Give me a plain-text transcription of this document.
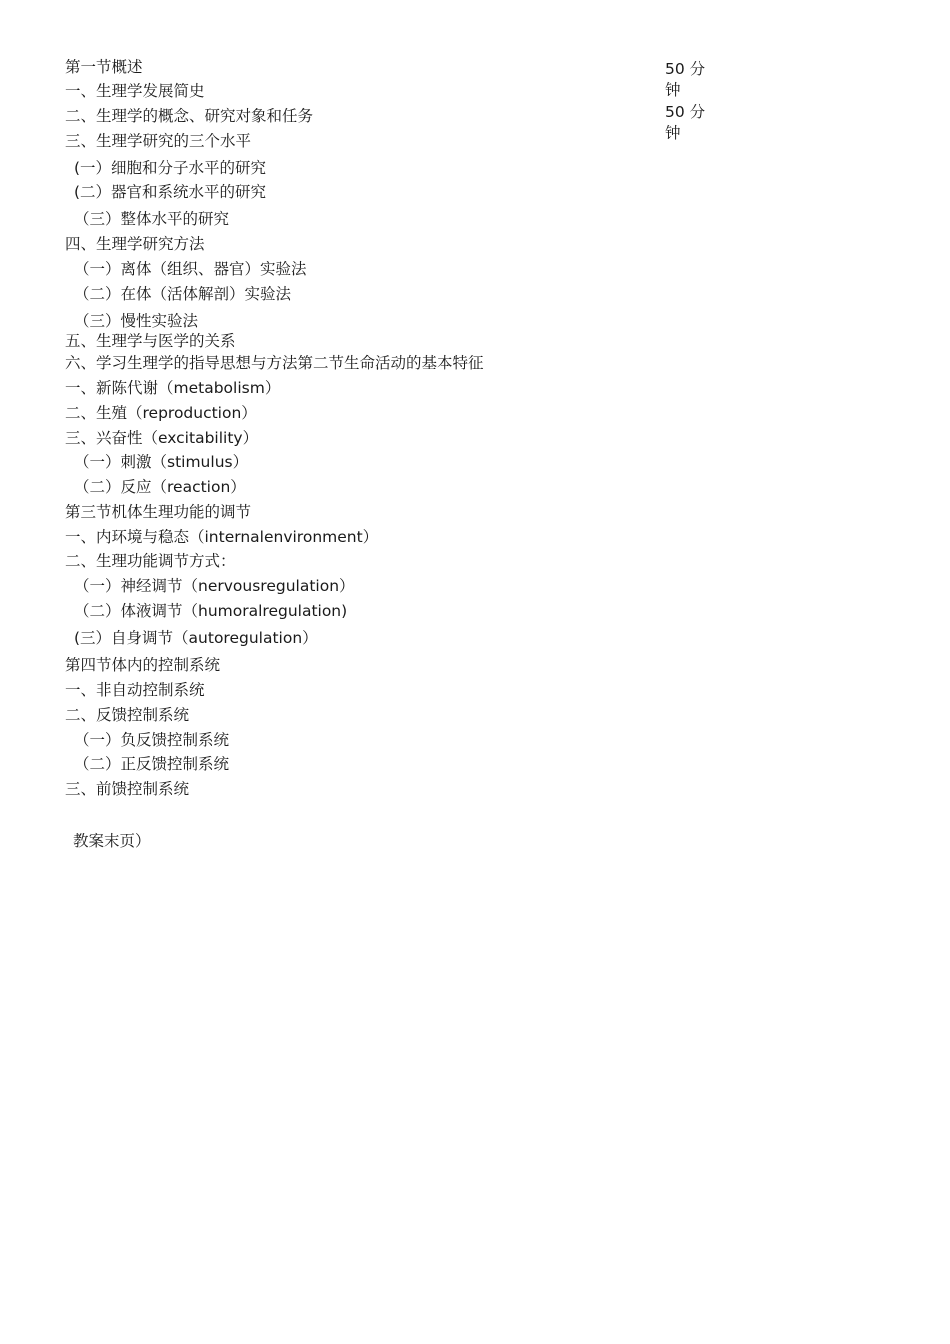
第一节概述
一、生理学发展简史
二、生理学的概念、研究对象和任务
三、生理学研究的三个水平
(一）细胞和分子水平的研究
(二）器官和系统水平的研究
（三）整体水平的研究
四、生理学研究方法
（一）离体（组织、器官）实验法
（二）在体（活体解剖）实验法
（三）慢性实验法
五、生理学与医学的关系
六、学习生理学的指导思想与方法第二节生命活动的基本特征
一、新陈代谢（metabolism）
二、生殖（reproduction）
三、兴奋性（excitability）
（一）刺激（stimulus）
（二）反应（reaction）
第三节机体生理功能的调节
一、内环境与稳态（internalenvironment）
二、生理功能调节方式：
（一）神经调节（nervousregulation）
（二）体液调节（humoralregulation)
(三）自身调节（autoregulation）
第四节体内的控制系统
一、非自动控制系统
二、反馈控制系统
（一）负反馈控制系统
（二）正反馈控制系统
三、前馈控制系统
教案末页）
50 分
钟
50 分
钟
